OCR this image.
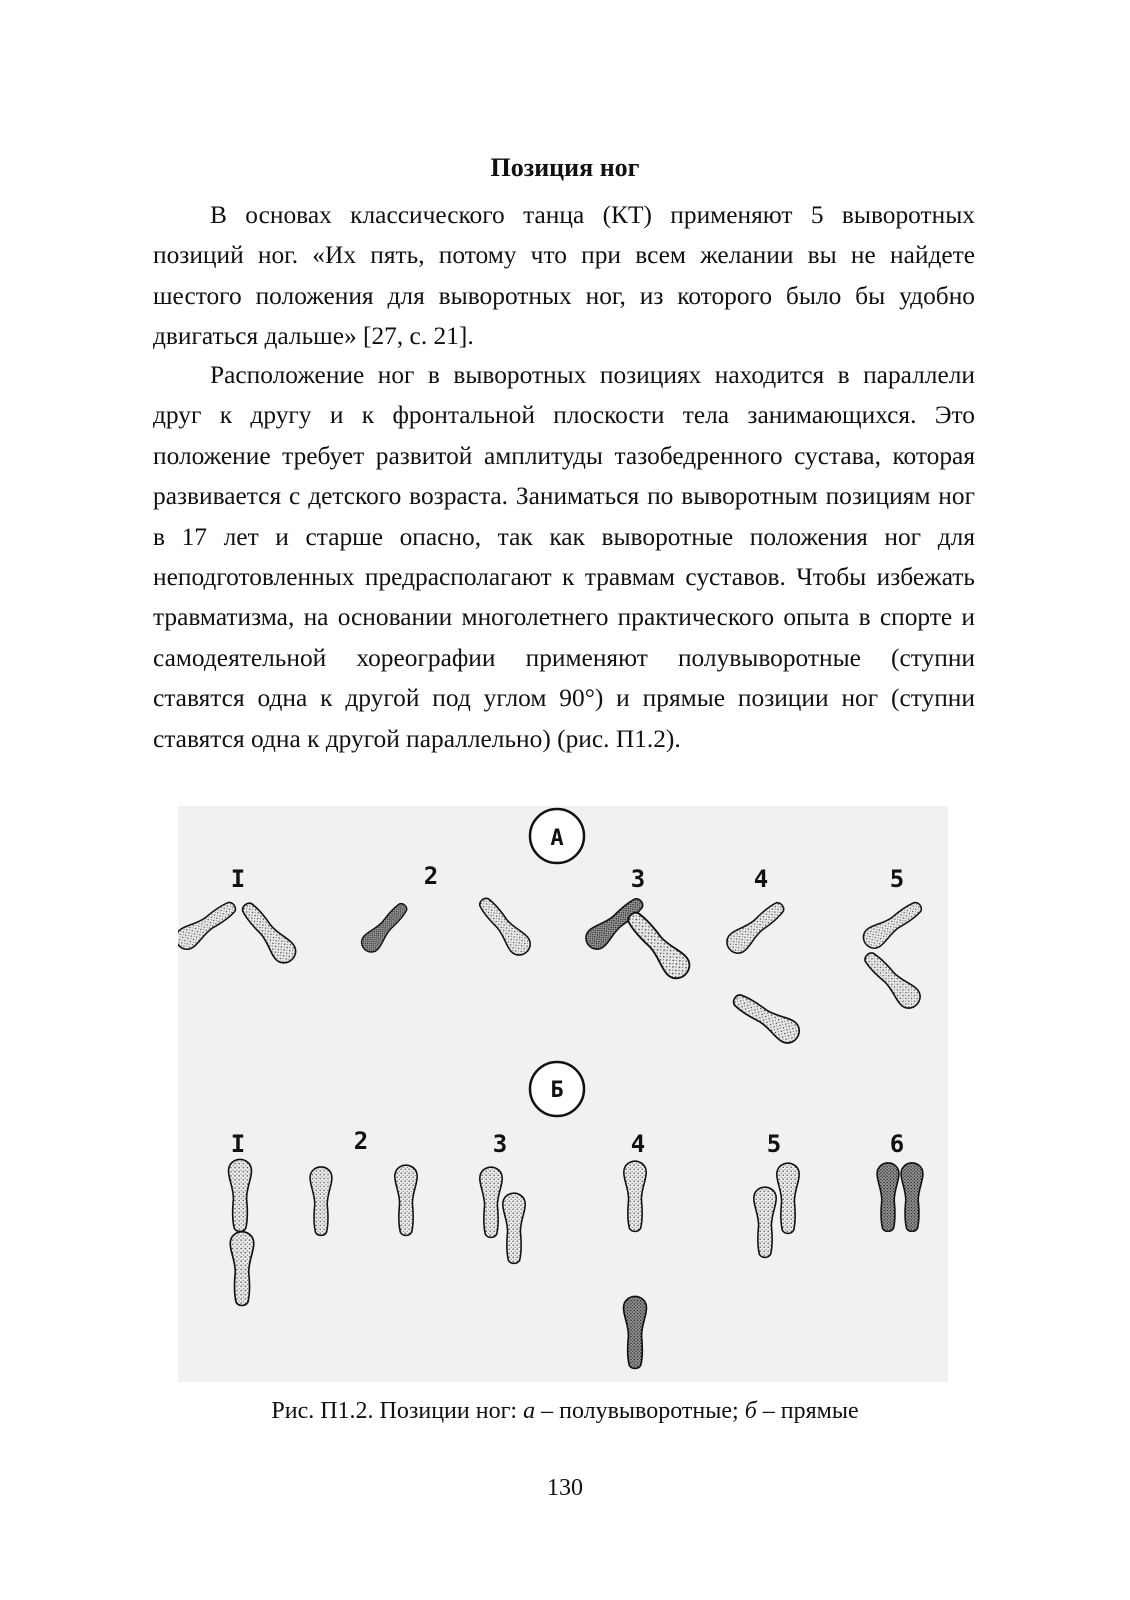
Позиция ног

В основах классического танца (КТ) применяют 5 выворотных позиций ног. «Их пять, потому что при всем желании вы не найдете шестого положения для выворотных ног, из которого было бы удобно двигаться дальше» [27, с. 21].

Расположение ног в выворотных позициях находится в параллели друг к другу и к фронтальной плоскости тела занимающихся. Это положение требует развитой амплитуды тазобедренного сустава, которая развивается с детского возраста. Заниматься по выворотным позициям ног в 17 лет и старше опасно, так как выворотные положения ног для неподготовленных предрасполагают к травмам суставов. Чтобы избежать травматизма, на основании многолетнего практического опыта в спорте и самодеятельной хореографии применяют полувыворотные (ступни ставятся одна к другой под углом 90°) и прямые позиции ног (ступни ставятся одна к другой параллельно) (рис. П1.2).

А
I	2	3	4	5
Б
I	2	3	4	5	6
Рис. П1.2. Позиции ног: а – полувыворотные; б – прямые
130
